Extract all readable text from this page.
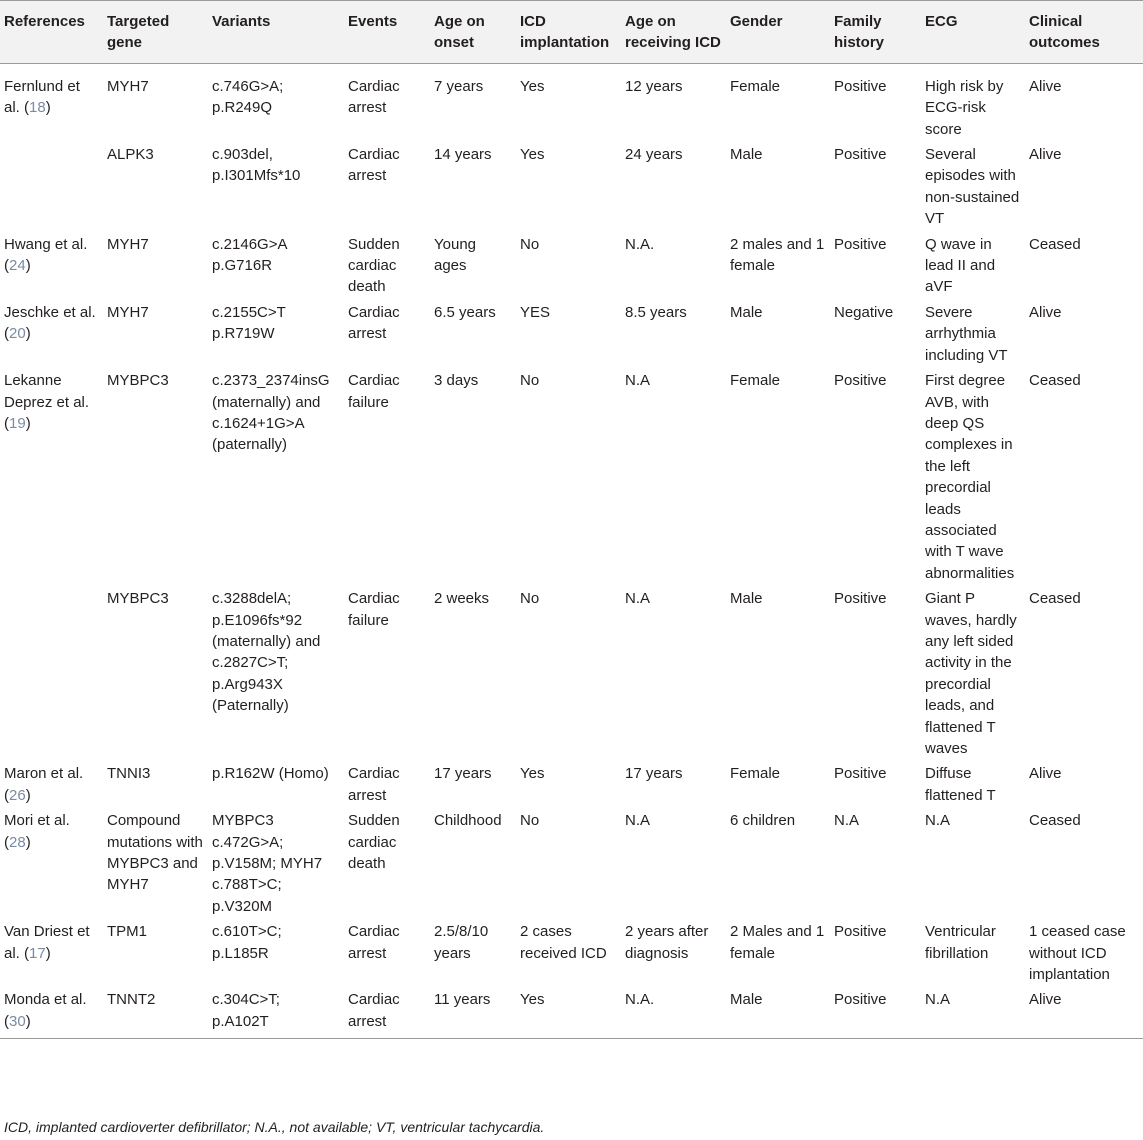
References	Targeted gene	Variants	Events	Age on onset	ICD implantation	Age on receiving ICD	Gender	Family history	ECG	Clinical outcomes
Fernlund et al. (18)	MYH7	c.746G>A; p.R249Q	Cardiac arrest	7 years	Yes	12 years	Female	Positive	High risk by ECG-risk score	Alive
	ALPK3	c.903del, p.I301Mfs*10	Cardiac arrest	14 years	Yes	24 years	Male	Positive	Several episodes with non-sustained VT	Alive
Hwang et al. (24)	MYH7	c.2146G>A p.G716R	Sudden cardiac death	Young ages	No	N.A.	2 males and 1 female	Positive	Q wave in lead II and aVF	Ceased
Jeschke et al. (20)	MYH7	c.2155C>T p.R719W	Cardiac arrest	6.5 years	YES	8.5 years	Male	Negative	Severe arrhythmia including VT	Alive
Lekanne Deprez et al. (19)	MYBPC3	c.2373_2374insG (maternally) and c.1624+1G>A (paternally)	Cardiac failure	3 days	No	N.A	Female	Positive	First degree AVB, with deep QS complexes in the left precordial leads associated with T wave abnormalities	Ceased
	MYBPC3	c.3288delA; p.E1096fs*92 (maternally) and c.2827C>T; p.Arg943X (Paternally)	Cardiac failure	2 weeks	No	N.A	Male	Positive	Giant P waves, hardly any left sided activity in the precordial leads, and flattened T waves	Ceased
Maron et al. (26)	TNNI3	p.R162W (Homo)	Cardiac arrest	17 years	Yes	17 years	Female	Positive	Diffuse flattened T	Alive
Mori et al. (28)	Compound mutations with MYBPC3 and MYH7	MYBPC3 c.472G>A; p.V158M; MYH7 c.788T>C; p.V320M	Sudden cardiac death	Childhood	No	N.A	6 children	N.A	N.A	Ceased
Van Driest et al. (17)	TPM1	c.610T>C; p.L185R	Cardiac arrest	2.5/8/10 years	2 cases received ICD	2 years after diagnosis	2 Males and 1 female	Positive	Ventricular fibrillation	1 ceased case without ICD implantation
Monda et al. (30)	TNNT2	c.304C>T; p.A102T	Cardiac arrest	11 years	Yes	N.A.	Male	Positive	N.A	Alive
ICD, implanted cardioverter defibrillator; N.A., not available; VT, ventricular tachycardia.
